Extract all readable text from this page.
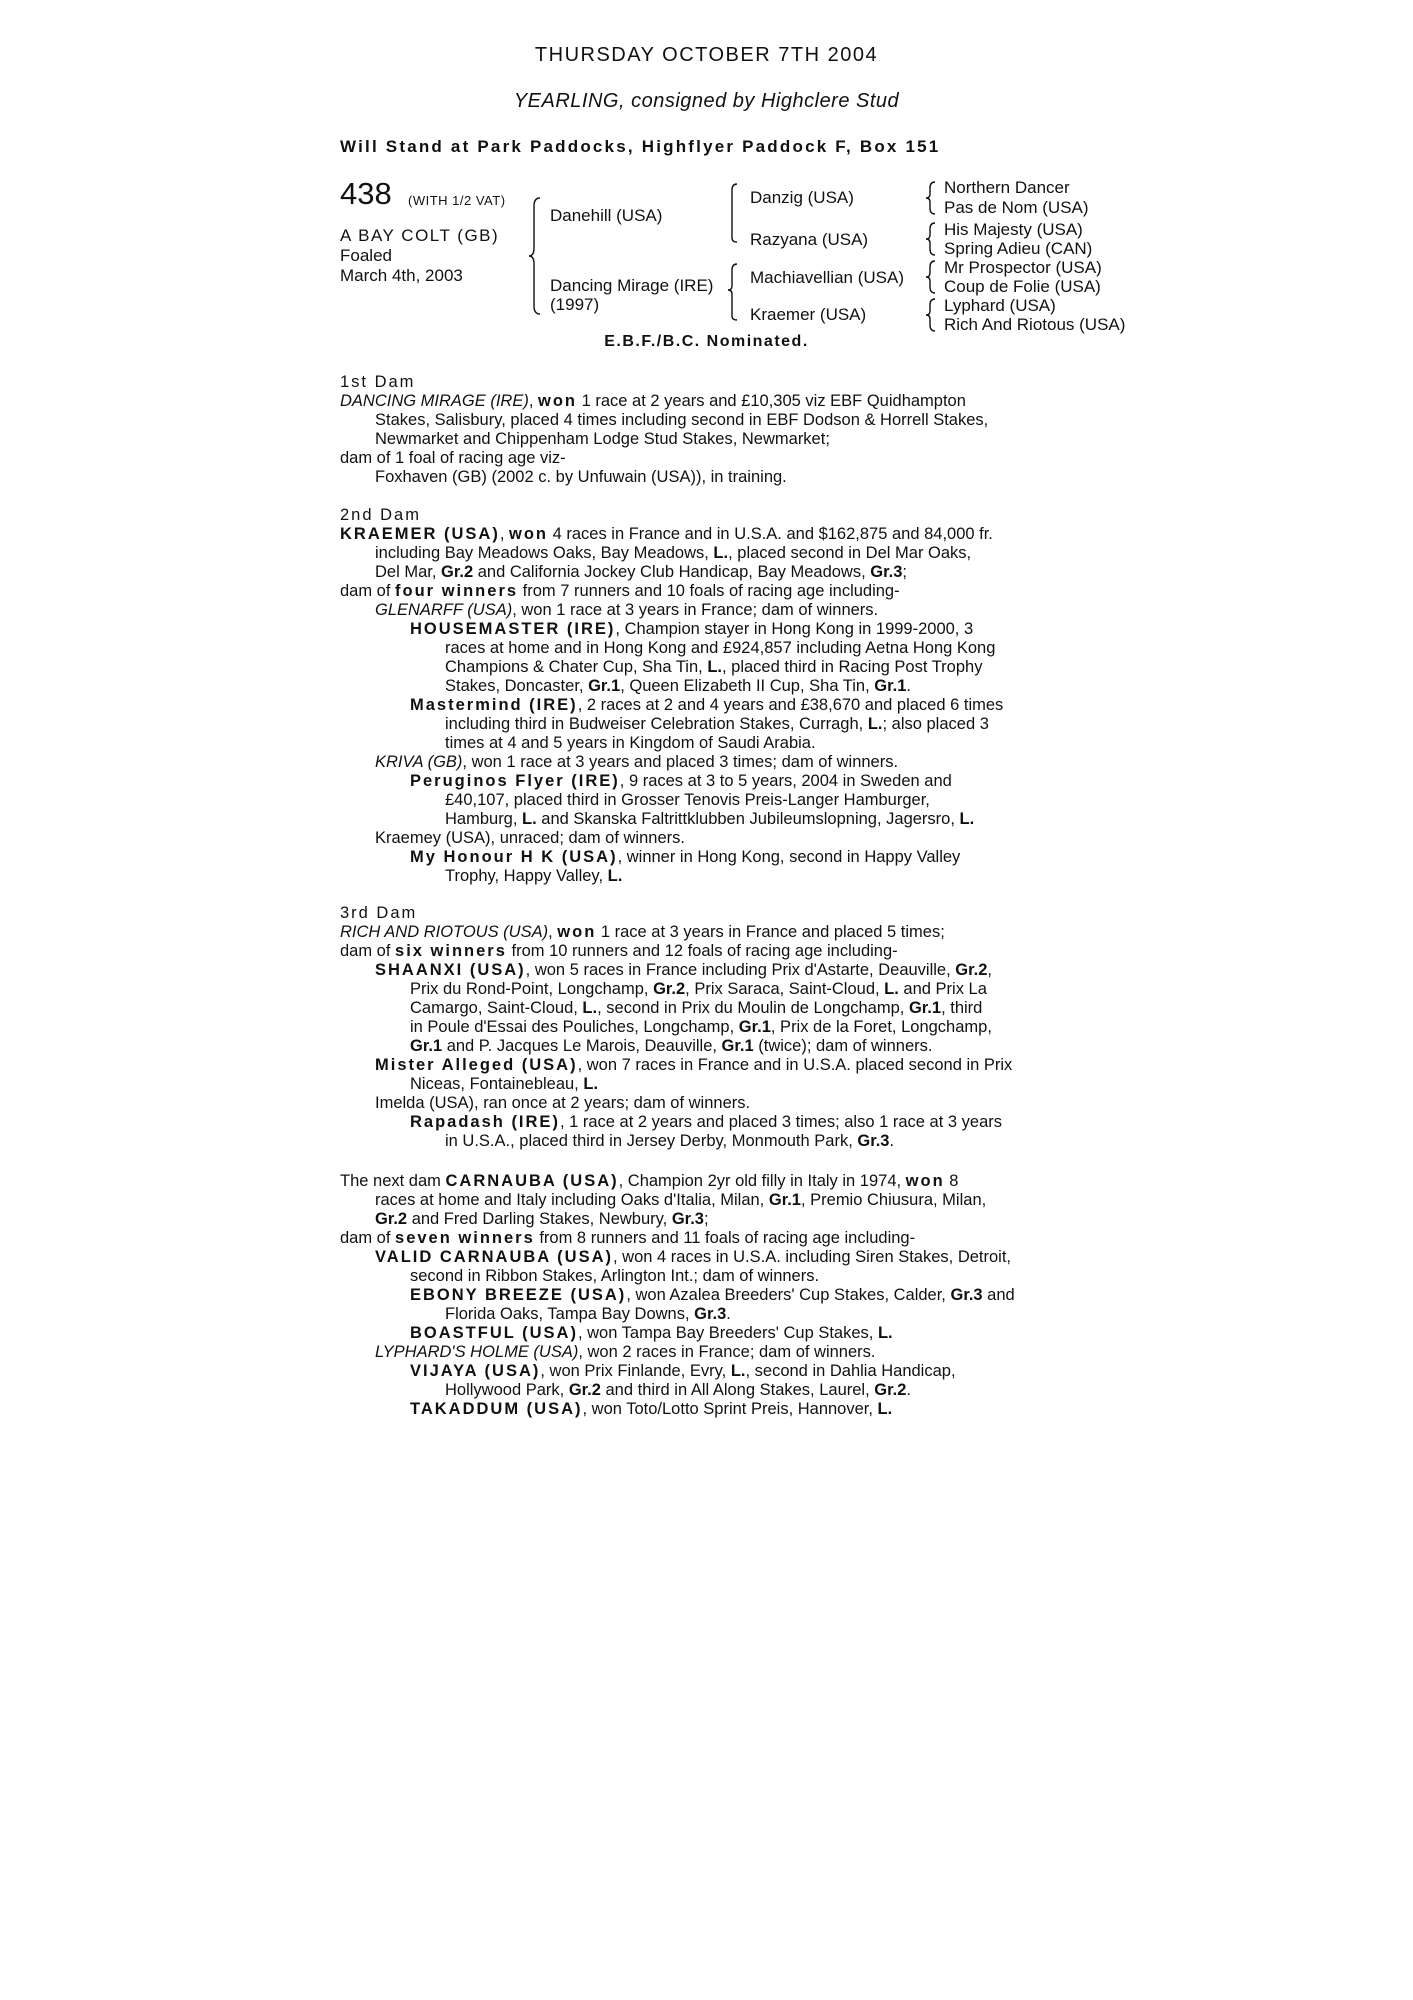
THURSDAY OCTOBER 7TH 2004
YEARLING, consigned by Highclere Stud
Will Stand at Park Paddocks, Highflyer Paddock F, Box 151
438 (WITH 1/2 VAT)
A BAY COLT (GB)
Foaled
March 4th, 2003
Danehill (USA)
Dancing Mirage (IRE)
(1997)
Danzig (USA)
Razyana (USA)
Machiavellian (USA)
Kraemer (USA)
Northern Dancer
Pas de Nom (USA)
His Majesty (USA)
Spring Adieu (CAN)
Mr Prospector (USA)
Coup de Folie (USA)
Lyphard (USA)
Rich And Riotous (USA)
E.B.F./B.C. Nominated.
1st Dam
DANCING MIRAGE (IRE), won 1 race at 2 years and £10,305 viz EBF Quidhampton
Stakes, Salisbury, placed 4 times including second in EBF Dodson & Horrell Stakes,
Newmarket and Chippenham Lodge Stud Stakes, Newmarket;
dam of 1 foal of racing age viz-
Foxhaven (GB) (2002 c. by Unfuwain (USA)), in training.
2nd Dam
KRAEMER (USA), won 4 races in France and in U.S.A. and $162,875 and 84,000 fr.
including Bay Meadows Oaks, Bay Meadows, L., placed second in Del Mar Oaks,
Del Mar, Gr.2 and California Jockey Club Handicap, Bay Meadows, Gr.3;
dam of four winners from 7 runners and 10 foals of racing age including-
GLENARFF (USA), won 1 race at 3 years in France; dam of winners.
HOUSEMASTER (IRE), Champion stayer in Hong Kong in 1999-2000, 3
races at home and in Hong Kong and £924,857 including Aetna Hong Kong
Champions & Chater Cup, Sha Tin, L., placed third in Racing Post Trophy
Stakes, Doncaster, Gr.1, Queen Elizabeth II Cup, Sha Tin, Gr.1.
Mastermind (IRE), 2 races at 2 and 4 years and £38,670 and placed 6 times
including third in Budweiser Celebration Stakes, Curragh, L.; also placed 3
times at 4 and 5 years in Kingdom of Saudi Arabia.
KRIVA (GB), won 1 race at 3 years and placed 3 times; dam of winners.
Peruginos Flyer (IRE), 9 races at 3 to 5 years, 2004 in Sweden and
£40,107, placed third in Grosser Tenovis Preis-Langer Hamburger,
Hamburg, L. and Skanska Faltrittklubben Jubileumslopning, Jagersro, L.
Kraemey (USA), unraced; dam of winners.
My Honour H K (USA), winner in Hong Kong, second in Happy Valley
Trophy, Happy Valley, L.
3rd Dam
RICH AND RIOTOUS (USA), won 1 race at 3 years in France and placed 5 times;
dam of six winners from 10 runners and 12 foals of racing age including-
SHAANXI (USA), won 5 races in France including Prix d'Astarte, Deauville, Gr.2,
Prix du Rond-Point, Longchamp, Gr.2, Prix Saraca, Saint-Cloud, L. and Prix La
Camargo, Saint-Cloud, L., second in Prix du Moulin de Longchamp, Gr.1, third
in Poule d'Essai des Pouliches, Longchamp, Gr.1, Prix de la Foret, Longchamp,
Gr.1 and P. Jacques Le Marois, Deauville, Gr.1 (twice); dam of winners.
Mister Alleged (USA), won 7 races in France and in U.S.A. placed second in Prix
Niceas, Fontainebleau, L.
Imelda (USA), ran once at 2 years; dam of winners.
Rapadash (IRE), 1 race at 2 years and placed 3 times; also 1 race at 3 years
in U.S.A., placed third in Jersey Derby, Monmouth Park, Gr.3.
The next dam CARNAUBA (USA), Champion 2yr old filly in Italy in 1974, won 8
races at home and Italy including Oaks d'Italia, Milan, Gr.1, Premio Chiusura, Milan,
Gr.2 and Fred Darling Stakes, Newbury, Gr.3;
dam of seven winners from 8 runners and 11 foals of racing age including-
VALID CARNAUBA (USA), won 4 races in U.S.A. including Siren Stakes, Detroit,
second in Ribbon Stakes, Arlington Int.; dam of winners.
EBONY BREEZE (USA), won Azalea Breeders' Cup Stakes, Calder, Gr.3 and
Florida Oaks, Tampa Bay Downs, Gr.3.
BOASTFUL (USA), won Tampa Bay Breeders' Cup Stakes, L.
LYPHARD'S HOLME (USA), won 2 races in France; dam of winners.
VIJAYA (USA), won Prix Finlande, Evry, L., second in Dahlia Handicap,
Hollywood Park, Gr.2 and third in All Along Stakes, Laurel, Gr.2.
TAKADDUM (USA), won Toto/Lotto Sprint Preis, Hannover, L.
